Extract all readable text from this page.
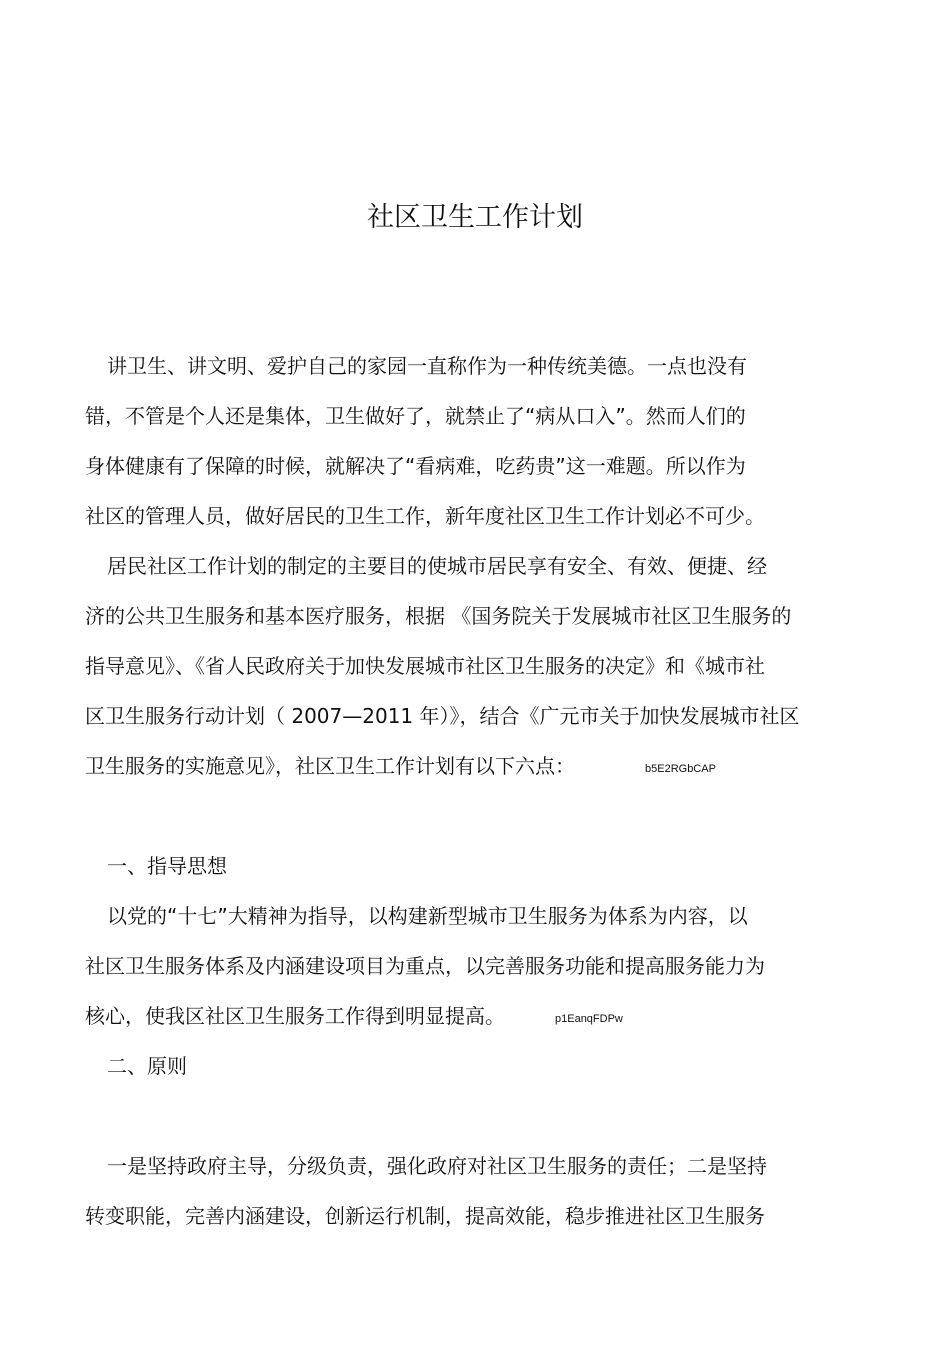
社区卫生工作计划
讲卫生、讲文明、爱护自己的家园一直称作为一种传统美德。一点也没有
错，不管是个人还是集体，卫生做好了，就禁止了“病从口入”。然而人们的
身体健康有了保障的时候，就解决了“看病难，吃药贵”这一难题。所以作为
社区的管理人员，做好居民的卫生工作，新年度社区卫生工作计划必不可少。
居民社区工作计划的制定的主要目的使城市居民享有安全、有效、便捷、经
济的公共卫生服务和基本医疗服务，根据 《国务院关于发展城市社区卫生服务的
指导意见》、《省人民政府关于加快发展城市社区卫生服务的决定》和《城市社
区卫生服务行动计划（ 2007—2011 年）》，结合《广元市关于加快发展城市社区
卫生服务的实施意见》，社区卫生工作计划有以下六点：	b5E2RGbCAP
一、指导思想
以党的“十七”大精神为指导，以构建新型城市卫生服务为体系为内容，以
社区卫生服务体系及内涵建设项目为重点，以完善服务功能和提高服务能力为
核心，使我区社区卫生服务工作得到明显提高。	p1EanqFDPw
二、原则
一是坚持政府主导，分级负责，强化政府对社区卫生服务的责任；二是坚持
转变职能，完善内涵建设，创新运行机制，提高效能，稳步推进社区卫生服务
